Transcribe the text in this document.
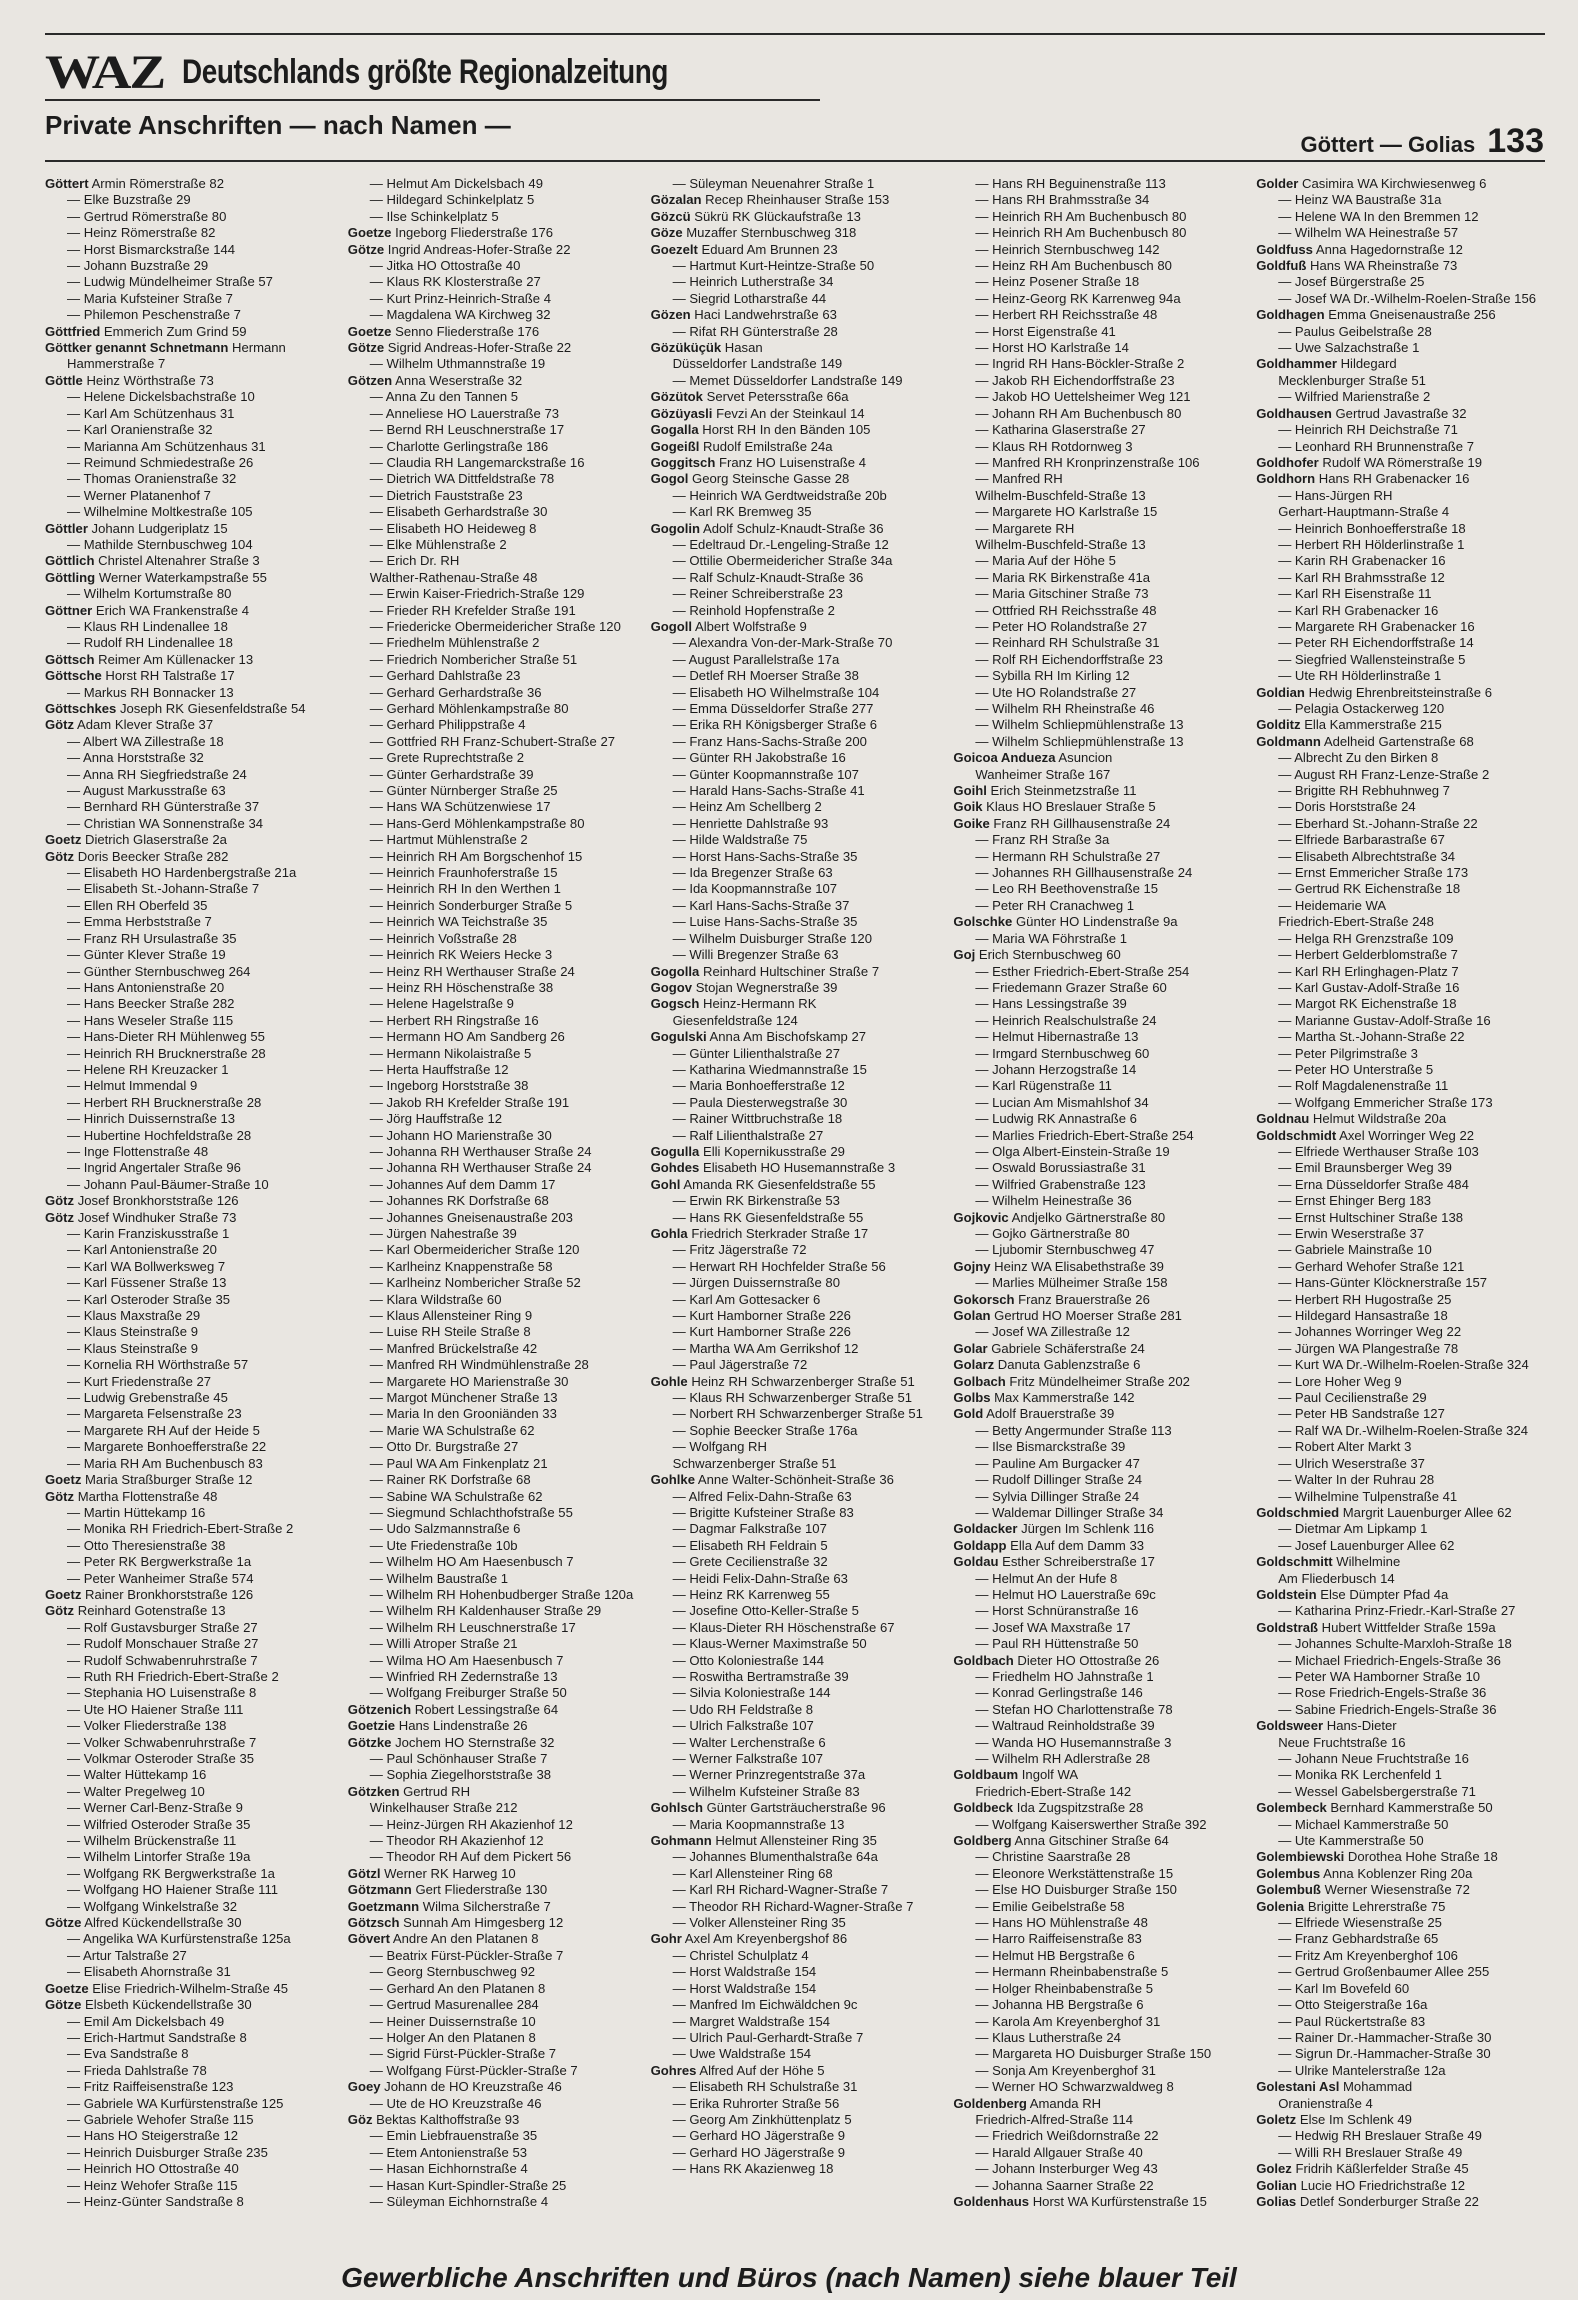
WAZ Deutschlands größte Regionalzeitung
Private Anschriften — nach Namen —
Göttert — Golias 133
Göttert Armin Römerstraße 82
— Elke Buzstraße 29
— Gertrud Römerstraße 80
— Heinz Römerstraße 82
— Horst Bismarckstraße 144
— Johann Buzstraße 29
— Ludwig Mündelheimer Straße 57
— Maria Kufsteiner Straße 7
— Philemon Peschenstraße 7
Göttfried Emmerich Zum Grind 59
Göttker genannt Schnetmann Hermann
Hammerstraße 7
Göttle Heinz Wörthstraße 73
— Helene Dickelsbachstraße 10
— Karl Am Schützenhaus 31
— Karl Oranienstraße 32
— Marianna Am Schützenhaus 31
— Reimund Schmiedestraße 26
— Thomas Oranienstraße 32
— Werner Platanenhof 7
— Wilhelmine Moltkestraße 105
Göttler Johann Ludgeriplatz 15
— Mathilde Sternbuschweg 104
Göttlich Christel Altenahrer Straße 3
Göttling Werner Waterkampstraße 55
— Wilhelm Kortumstraße 80
Göttner Erich WA Frankenstraße 4
— Klaus RH Lindenallee 18
— Rudolf RH Lindenallee 18
Göttsch Reimer Am Küllenacker 13
Göttsche Horst RH Talstraße 17
— Markus RH Bonnacker 13
Göttschkes Joseph RK Giesenfeldstraße 54
Götz Adam Klever Straße 37
— Albert WA Zillestraße 18
— Anna Horststraße 32
— Anna RH Siegfriedstraße 24
— August Markusstraße 63
— Bernhard RH Günterstraße 37
— Christian WA Sonnenstraße 34
Goetz Dietrich Glaserstraße 2a
Götz Doris Beecker Straße 282
— Elisabeth HO Hardenbergstraße 21a
— Elisabeth St.-Johann-Straße 7
— Ellen RH Oberfeld 35
— Emma Herbststraße 7
— Franz RH Ursulastraße 35
— Günter Klever Straße 19
— Günther Sternbuschweg 264
— Hans Antonienstraße 20
— Hans Beecker Straße 282
— Hans Weseler Straße 115
— Hans-Dieter RH Mühlenweg 55
— Heinrich RH Brucknerstraße 28
— Helene RH Kreuzacker 1
— Helmut Immendal 9
— Herbert RH Brucknerstraße 28
— Hinrich Duissernstraße 13
— Hubertine Hochfeldstraße 28
— Inge Flottenstraße 48
— Ingrid Angertaler Straße 96
— Johann Paul-Bäumer-Straße 10
Götz Josef Bronkhorststraße 126
Götz Josef Windhuker Straße 73
— Karin Franziskusstraße 1
— Karl Antonienstraße 20
— Karl WA Bollwerksweg 7
— Karl Füssener Straße 13
— Karl Osteroder Straße 35
— Klaus Maxstraße 29
— Klaus Steinstraße 9
— Klaus Steinstraße 9
— Kornelia RH Wörthstraße 57
— Kurt Friedenstraße 27
— Ludwig Grebenstraße 45
— Margareta Felsenstraße 23
— Margarete RH Auf der Heide 5
— Margarete Bonhoefferstraße 22
— Maria RH Am Buchenbusch 83
Goetz Maria Straßburger Straße 12
Götz Martha Flottenstraße 48
— Martin Hüttekamp 16
— Monika RH Friedrich-Ebert-Straße 2
— Otto Theresienstraße 38
— Peter RK Bergwerkstraße 1a
— Peter Wanheimer Straße 574
Goetz Rainer Bronkhorststraße 126
Götz Reinhard Gotenstraße 13
— Rolf Gustavsburger Straße 27
— Rudolf Monschauer Straße 27
— Rudolf Schwabenruhrstraße 7
— Ruth RH Friedrich-Ebert-Straße 2
— Stephania HO Luisenstraße 8
— Ute HO Haiener Straße 111
— Volker Fliederstraße 138
— Volker Schwabenruhrstraße 7
— Volkmar Osteroder Straße 35
— Walter Hüttekamp 16
— Walter Pregelweg 10
— Werner Carl-Benz-Straße 9
— Wilfried Osteroder Straße 35
— Wilhelm Brückenstraße 11
— Wilhelm Lintorfer Straße 19a
— Wolfgang RK Bergwerkstraße 1a
— Wolfgang HO Haiener Straße 111
— Wolfgang Winkelstraße 32
Götze Alfred Kückendellstraße 30
— Angelika WA Kurfürstenstraße 125a
— Artur Talstraße 27
— Elisabeth Ahornstraße 31
Goetze Elise Friedrich-Wilhelm-Straße 45
Götze Elsbeth Kückendellstraße 30
— Emil Am Dickelsbach 49
— Erich-Hartmut Sandstraße 8
— Eva Sandstraße 8
— Frieda Dahlstraße 78
— Fritz Raiffeisenstraße 123
— Gabriele WA Kurfürstenstraße 125
— Gabriele Wehofer Straße 115
— Hans HO Steigerstraße 12
— Heinrich Duisburger Straße 235
— Heinrich HO Ottostraße 40
— Heinz Wehofer Straße 115
— Heinz-Günter Sandstraße 8
— Helmut Am Dickelsbach 49
— Hildegard Schinkelplatz 5
— Ilse Schinkelplatz 5
Goetze Ingeborg Fliederstraße 176
Götze Ingrid Andreas-Hofer-Straße 22
— Jitka HO Ottostraße 40
— Klaus RK Klosterstraße 27
— Kurt Prinz-Heinrich-Straße 4
— Magdalena WA Kirchweg 32
Goetze Senno Fliederstraße 176
Götze Sigrid Andreas-Hofer-Straße 22
— Wilhelm Uthmannstraße 19
Götzen Anna Weserstraße 32
— Anna Zu den Tannen 5
— Anneliese HO Lauerstraße 73
— Bernd RH Leuschnerstraße 17
— Charlotte Gerlingstraße 186
— Claudia RH Langemarckstraße 16
— Dietrich WA Dittfeldstraße 78
— Dietrich Fauststraße 23
— Elisabeth Gerhardstraße 30
— Elisabeth HO Heideweg 8
— Elke Mühlenstraße 2
— Erich Dr. RH
Walther-Rathenau-Straße 48
— Erwin Kaiser-Friedrich-Straße 129
— Frieder RH Krefelder Straße 191
— Friedericke Obermeidericher Straße 120
— Friedhelm Mühlenstraße 2
— Friedrich Nombericher Straße 51
— Gerhard Dahlstraße 23
— Gerhard Gerhardstraße 36
— Gerhard Möhlenkampstraße 80
— Gerhard Philippstraße 4
— Gottfried RH Franz-Schubert-Straße 27
— Grete Ruprechtstraße 2
— Günter Gerhardstraße 39
— Günter Nürnberger Straße 25
— Hans WA Schützenwiese 17
— Hans-Gerd Möhlenkampstraße 80
— Hartmut Mühlenstraße 2
— Heinrich RH Am Borgschenhof 15
— Heinrich Fraunhoferstraße 15
— Heinrich RH In den Werthen 1
— Heinrich Sonderburger Straße 5
— Heinrich WA Teichstraße 35
— Heinrich Voßstraße 28
— Heinrich RK Weiers Hecke 3
— Heinz RH Werthauser Straße 24
— Heinz RH Höschenstraße 38
— Helene Hagelstraße 9
— Herbert RH Ringstraße 16
— Hermann HO Am Sandberg 26
— Hermann Nikolaistraße 5
— Herta Hauffstraße 12
— Ingeborg Horststraße 38
— Jakob RH Krefelder Straße 191
— Jörg Hauffstraße 12
— Johann HO Marienstraße 30
— Johanna RH Werthauser Straße 24
— Johanna RH Werthauser Straße 24
— Johannes Auf dem Damm 17
— Johannes RK Dorfstraße 68
— Johannes Gneisenaustraße 203
— Jürgen Nahestraße 39
— Karl Obermeidericher Straße 120
— Karlheinz Knappenstraße 58
— Karlheinz Nombericher Straße 52
— Klara Wildstraße 60
— Klaus Allensteiner Ring 9
— Luise RH Steile Straße 8
— Manfred Brückelstraße 42
— Manfred RH Windmühlenstraße 28
— Margarete HO Marienstraße 30
— Margot Münchener Straße 13
— Maria In den Grooniänden 33
— Marie WA Schulstraße 62
— Otto Dr. Burgstraße 27
— Paul WA Am Finkenplatz 21
— Rainer RK Dorfstraße 68
— Sabine WA Schulstraße 62
— Siegmund Schlachthofstraße 55
— Udo Salzmannstraße 6
— Ute Friedenstraße 10b
— Wilhelm HO Am Haesenbusch 7
— Wilhelm Baustraße 1
— Wilhelm RH Hohenbudberger Straße 120a
— Wilhelm RH Kaldenhauser Straße 29
— Wilhelm RH Leuschnerstraße 17
— Willi Atroper Straße 21
— Wilma HO Am Haesenbusch 7
— Winfried RH Zedernstraße 13
— Wolfgang Freiburger Straße 50
Götzenich Robert Lessingstraße 64
Goetzie Hans Lindenstraße 26
Götzke Jochem HO Sternstraße 32
— Paul Schönhauser Straße 7
— Sophia Ziegelhorststraße 38
Götzken Gertrud RH
Winkelhauser Straße 212
— Heinz-Jürgen RH Akazienhof 12
— Theodor RH Akazienhof 12
— Theodor RH Auf dem Pickert 56
Götzl Werner RK Harweg 10
Götzmann Gert Fliederstraße 130
Goetzmann Wilma Silcherstraße 7
Götzsch Sunnah Am Himgesberg 12
Gövert Andre An den Platanen 8
— Beatrix Fürst-Pückler-Straße 7
— Georg Sternbuschweg 92
— Gerhard An den Platanen 8
— Gertrud Masurenallee 284
— Heiner Duissernstraße 10
— Holger An den Platanen 8
— Sigrid Fürst-Pückler-Straße 7
— Wolfgang Fürst-Pückler-Straße 7
Goey Johann de HO Kreuzstraße 46
— Ute de HO Kreuzstraße 46
Göz Bektas Kalthoffstraße 93
— Emin Liebfrauenstraße 35
— Etem Antonienstraße 53
— Hasan Eichhornstraße 4
— Hasan Kurt-Spindler-Straße 25
— Süleyman Eichhornstraße 4
— Süleyman Neuenahrer Straße 1
Gözalan Recep Rheinhauser Straße 153
Gözcü Sükrü RK Glückaufstraße 13
Göze Muzaffer Sternbuschweg 318
Goezelt Eduard Am Brunnen 23
— Hartmut Kurt-Heintze-Straße 50
— Heinrich Lutherstraße 34
— Siegrid Lotharstraße 44
Gözen Haci Landwehrstraße 63
— Rifat RH Günterstraße 28
Gözüküçük Hasan
Düsseldorfer Landstraße 149
— Memet Düsseldorfer Landstraße 149
Gözütok Servet Petersstraße 66a
Gözüyasli Fevzi An der Steinkaul 14
Gogalla Horst RH In den Bänden 105
Gogeißl Rudolf Emilstraße 24a
Goggitsch Franz HO Luisenstraße 4
Gogol Georg Steinsche Gasse 28
— Heinrich WA Gerdtweidstraße 20b
— Karl RK Bremweg 35
Gogolin Adolf Schulz-Knaudt-Straße 36
— Edeltraud Dr.-Lengeling-Straße 12
— Ottilie Obermeidericher Straße 34a
— Ralf Schulz-Knaudt-Straße 36
— Reiner Schreiberstraße 23
— Reinhold Hopfenstraße 2
Gogoll Albert Wolfstraße 9
— Alexandra Von-der-Mark-Straße 70
— August Parallelstraße 17a
— Detlef RH Moerser Straße 38
— Elisabeth HO Wilhelmstraße 104
— Emma Düsseldorfer Straße 277
— Erika RH Königsberger Straße 6
— Franz Hans-Sachs-Straße 200
— Günter RH Jakobstraße 16
— Günter Koopmannstraße 107
— Harald Hans-Sachs-Straße 41
— Heinz Am Schellberg 2
— Henriette Dahlstraße 93
— Hilde Waldstraße 75
— Horst Hans-Sachs-Straße 35
— Ida Bregenzer Straße 63
— Ida Koopmannstraße 107
— Karl Hans-Sachs-Straße 37
— Luise Hans-Sachs-Straße 35
— Wilhelm Duisburger Straße 120
— Willi Bregenzer Straße 63
Gogolla Reinhard Hultschiner Straße 7
Gogov Stojan Wegnerstraße 39
Gogsch Heinz-Hermann RK
Giesenfeldstraße 124
Gogulski Anna Am Bischofskamp 27
— Günter Lilienthalstraße 27
— Katharina Wiedmannstraße 15
— Maria Bonhoefferstraße 12
— Paula Diesterwegstraße 30
— Rainer Wittbruchstraße 18
— Ralf Lilienthalstraße 27
Gogulla Elli Kopernikusstraße 29
Gohdes Elisabeth HO Husemannstraße 3
Gohl Amanda RK Giesenfeldstraße 55
— Erwin RK Birkenstraße 53
— Hans RK Giesenfeldstraße 55
Gohla Friedrich Sterkrader Straße 17
— Fritz Jägerstraße 72
— Herwart RH Hochfelder Straße 56
— Jürgen Duissernstraße 80
— Karl Am Gottesacker 6
— Kurt Hamborner Straße 226
— Kurt Hamborner Straße 226
— Martha WA Am Gerrikshof 12
— Paul Jägerstraße 72
Gohle Heinz RH Schwarzenberger Straße 51
— Klaus RH Schwarzenberger Straße 51
— Norbert RH Schwarzenberger Straße 51
— Sophie Beecker Straße 176a
— Wolfgang RH
Schwarzenberger Straße 51
Gohlke Anne Walter-Schönheit-Straße 36
— Alfred Felix-Dahn-Straße 63
— Brigitte Kufsteiner Straße 83
— Dagmar Falkstraße 107
— Elisabeth RH Feldrain 5
— Grete Cecilienstraße 32
— Heidi Felix-Dahn-Straße 63
— Heinz RK Karrenweg 55
— Josefine Otto-Keller-Straße 5
— Klaus-Dieter RH Höschenstraße 67
— Klaus-Werner Maximstraße 50
— Otto Koloniestraße 144
— Roswitha Bertramstraße 39
— Silvia Koloniestraße 144
— Udo RH Feldstraße 8
— Ulrich Falkstraße 107
— Walter Lerchenstraße 6
— Werner Falkstraße 107
— Werner Prinzregentstraße 37a
— Wilhelm Kufsteiner Straße 83
Gohlsch Günter Gartsträucherstraße 96
— Maria Koopmannstraße 13
Gohmann Helmut Allensteiner Ring 35
— Johannes Blumenthalstraße 64a
— Karl Allensteiner Ring 68
— Karl RH Richard-Wagner-Straße 7
— Theodor RH Richard-Wagner-Straße 7
— Volker Allensteiner Ring 35
Gohr Axel Am Kreyenbergshof 86
— Christel Schulplatz 4
— Horst Waldstraße 154
— Horst Waldstraße 154
— Manfred Im Eichwäldchen 9c
— Margret Waldstraße 154
— Ulrich Paul-Gerhardt-Straße 7
— Uwe Waldstraße 154
Gohres Alfred Auf der Höhe 5
— Elisabeth RH Schulstraße 31
— Erika Ruhrorter Straße 56
— Georg Am Zinkhüttenplatz 5
— Gerhard HO Jägerstraße 9
— Gerhard HO Jägerstraße 9
— Hans RK Akazienweg 18
— Hans RH Beguinenstraße 113
— Hans RH Brahmsstraße 34
— Heinrich RH Am Buchenbusch 80
— Heinrich RH Am Buchenbusch 80
— Heinrich Sternbuschweg 142
— Heinz RH Am Buchenbusch 80
— Heinz Posener Straße 18
— Heinz-Georg RK Karrenweg 94a
— Herbert RH Reichsstraße 48
— Horst Eigenstraße 41
— Horst HO Karlstraße 14
— Ingrid RH Hans-Böckler-Straße 2
— Jakob RH Eichendorffstraße 23
— Jakob HO Uettelsheimer Weg 121
— Johann RH Am Buchenbusch 80
— Katharina Glaserstraße 27
— Klaus RH Rotdornweg 3
— Manfred RH Kronprinzenstraße 106
— Manfred RH
Wilhelm-Buschfeld-Straße 13
— Margarete HO Karlstraße 15
— Margarete RH
Wilhelm-Buschfeld-Straße 13
— Maria Auf der Höhe 5
— Maria RK Birkenstraße 41a
— Maria Gitschiner Straße 73
— Ottfried RH Reichsstraße 48
— Peter HO Rolandstraße 27
— Reinhard RH Schulstraße 31
— Rolf RH Eichendorffstraße 23
— Sybilla RH Im Kirling 12
— Ute HO Rolandstraße 27
— Wilhelm RH Rheinstraße 46
— Wilhelm Schliepmühlenstraße 13
— Wilhelm Schliepmühlenstraße 13
Goicoa Andueza Asuncion
Wanheimer Straße 167
Goihl Erich Steinmetzstraße 11
Goik Klaus HO Breslauer Straße 5
Goike Franz RH Gillhausenstraße 24
— Franz RH Straße 3a
— Hermann RH Schulstraße 27
— Johannes RH Gillhausenstraße 24
— Leo RH Beethovenstraße 15
— Peter RH Cranachweg 1
Golschke Günter HO Lindenstraße 9a
— Maria WA Föhrstraße 1
Goj Erich Sternbuschweg 60
— Esther Friedrich-Ebert-Straße 254
— Friedemann Grazer Straße 60
— Hans Lessingstraße 39
— Heinrich Realschulstraße 24
— Helmut Hibernastraße 13
— Irmgard Sternbuschweg 60
— Johann Herzogstraße 14
— Karl Rügenstraße 11
— Lucian Am Mismahlshof 34
— Ludwig RK Annastraße 6
— Marlies Friedrich-Ebert-Straße 254
— Olga Albert-Einstein-Straße 19
— Oswald Borussiastraße 31
— Wilfried Grabenstraße 123
— Wilhelm Heinestraße 36
Gojkovic Andjelko Gärtnerstraße 80
— Gojko Gärtnerstraße 80
— Ljubomir Sternbuschweg 47
Gojny Heinz WA Elisabethstraße 39
— Marlies Mülheimer Straße 158
Gokorsch Franz Brauerstraße 26
Golan Gertrud HO Moerser Straße 281
— Josef WA Zillestraße 12
Golar Gabriele Schäferstraße 24
Golarz Danuta Gablenzstraße 6
Golbach Fritz Mündelheimer Straße 202
Golbs Max Kammerstraße 142
Gold Adolf Brauerstraße 39
— Betty Angermunder Straße 113
— Ilse Bismarckstraße 39
— Pauline Am Burgacker 47
— Rudolf Dillinger Straße 24
— Sylvia Dillinger Straße 24
— Waldemar Dillinger Straße 34
Goldacker Jürgen Im Schlenk 116
Goldapp Ella Auf dem Damm 33
Goldau Esther Schreiberstraße 17
— Helmut An der Hufe 8
— Helmut HO Lauerstraße 69c
— Horst Schnüranstraße 16
— Josef WA Maxstraße 17
— Paul RH Hüttenstraße 50
Goldbach Dieter HO Ottostraße 26
— Friedhelm HO Jahnstraße 1
— Konrad Gerlingstraße 146
— Stefan HO Charlottenstraße 78
— Waltraud Reinholdstraße 39
— Wanda HO Husemannstraße 3
— Wilhelm RH Adlerstraße 28
Goldbaum Ingolf WA
Friedrich-Ebert-Straße 142
Goldbeck Ida Zugspitzstraße 28
— Wolfgang Kaiserswerther Straße 392
Goldberg Anna Gitschiner Straße 64
— Christine Saarstraße 28
— Eleonore Werkstättenstraße 15
— Else HO Duisburger Straße 150
— Emilie Geibelstraße 58
— Hans HO Mühlenstraße 48
— Harro Raiffeisenstraße 83
— Helmut HB Bergstraße 6
— Hermann Rheinbabenstraße 5
— Holger Rheinbabenstraße 5
— Johanna HB Bergstraße 6
— Karola Am Kreyenberghof 31
— Klaus Lutherstraße 24
— Margareta HO Duisburger Straße 150
— Sonja Am Kreyenberghof 31
— Werner HO Schwarzwaldweg 8
Goldenberg Amanda RH
Friedrich-Alfred-Straße 114
— Friedrich Weißdornstraße 22
— Harald Allgauer Straße 40
— Johann Insterburger Weg 43
— Johanna Saarner Straße 22
Goldenhaus Horst WA Kurfürstenstraße 15
Golder Casimira WA Kirchwiesenweg 6
— Heinz WA Baustraße 31a
— Helene WA In den Bremmen 12
— Wilhelm WA Heinestraße 57
Goldfuss Anna Hagedornstraße 12
Goldfuß Hans WA Rheinstraße 73
— Josef Bürgerstraße 25
— Josef WA Dr.-Wilhelm-Roelen-Straße 156
Goldhagen Emma Gneisenaustraße 256
— Paulus Geibelstraße 28
— Uwe Salzachstraße 1
Goldhammer Hildegard
Mecklenburger Straße 51
— Wilfried Marienstraße 2
Goldhausen Gertrud Javastraße 32
— Heinrich RH Deichstraße 71
— Leonhard RH Brunnenstraße 7
Goldhofer Rudolf WA Römerstraße 19
Goldhorn Hans RH Grabenacker 16
— Hans-Jürgen RH
Gerhart-Hauptmann-Straße 4
— Heinrich Bonhoefferstraße 18
— Herbert RH Hölderlinstraße 1
— Karin RH Grabenacker 16
— Karl RH Brahmsstraße 12
— Karl RH Eisenstraße 11
— Karl RH Grabenacker 16
— Margarete RH Grabenacker 16
— Peter RH Eichendorffstraße 14
— Siegfried Wallensteinstraße 5
— Ute RH Hölderlinstraße 1
Goldian Hedwig Ehrenbreitsteinstraße 6
— Pelagia Ostackerweg 120
Golditz Ella Kammerstraße 215
Goldmann Adelheid Gartenstraße 68
— Albrecht Zu den Birken 8
— August RH Franz-Lenze-Straße 2
— Brigitte RH Rebhuhnweg 7
— Doris Horststraße 24
— Eberhard St.-Johann-Straße 22
— Elfriede Barbarastraße 67
— Elisabeth Albrechtstraße 34
— Ernst Emmericher Straße 173
— Gertrud RK Eichenstraße 18
— Heidemarie WA
Friedrich-Ebert-Straße 248
— Helga RH Grenzstraße 109
— Herbert Gelderblomstraße 7
— Karl RH Erlinghagen-Platz 7
— Karl Gustav-Adolf-Straße 16
— Margot RK Eichenstraße 18
— Marianne Gustav-Adolf-Straße 16
— Martha St.-Johann-Straße 22
— Peter Pilgrimstraße 3
— Peter HO Unterstraße 5
— Rolf Magdalenenstraße 11
— Wolfgang Emmericher Straße 173
Goldnau Helmut Wildstraße 20a
Goldschmidt Axel Worringer Weg 22
— Elfriede Werthauser Straße 103
— Emil Braunsberger Weg 39
— Erna Düsseldorfer Straße 484
— Ernst Ehinger Berg 183
— Ernst Hultschiner Straße 138
— Erwin Weserstraße 37
— Gabriele Mainstraße 10
— Gerhard Wehofer Straße 121
— Hans-Günter Klöcknerstraße 157
— Herbert RH Hugostraße 25
— Hildegard Hansastraße 18
— Johannes Worringer Weg 22
— Jürgen WA Plangestraße 78
— Kurt WA Dr.-Wilhelm-Roelen-Straße 324
— Lore Hoher Weg 9
— Paul Cecilienstraße 29
— Peter HB Sandstraße 127
— Ralf WA Dr.-Wilhelm-Roelen-Straße 324
— Robert Alter Markt 3
— Ulrich Weserstraße 37
— Walter In der Ruhrau 28
— Wilhelmine Tulpenstraße 41
Goldschmied Margrit Lauenburger Allee 62
— Dietmar Am Lipkamp 1
— Josef Lauenburger Allee 62
Goldschmitt Wilhelmine
Am Fliederbusch 14
Goldstein Else Dümpter Pfad 4a
— Katharina Prinz-Friedr.-Karl-Straße 27
Goldstraß Hubert Wittfelder Straße 159a
— Johannes Schulte-Marxloh-Straße 18
— Michael Friedrich-Engels-Straße 36
— Peter WA Hamborner Straße 10
— Rose Friedrich-Engels-Straße 36
— Sabine Friedrich-Engels-Straße 36
Goldsweer Hans-Dieter
Neue Fruchtstraße 16
— Johann Neue Fruchtstraße 16
— Monika RK Lerchenfeld 1
— Wessel Gabelsbergerstraße 71
Golembeck Bernhard Kammerstraße 50
— Michael Kammerstraße 50
— Ute Kammerstraße 50
Golembiewski Dorothea Hohe Straße 18
Golembus Anna Koblenzer Ring 20a
Golembuß Werner Wiesenstraße 72
Golenia Brigitte Lehrerstraße 75
— Elfriede Wiesenstraße 25
— Franz Gebhardstraße 65
— Fritz Am Kreyenberghof 106
— Gertrud Großenbaumer Allee 255
— Karl Im Bovefeld 60
— Otto Steigerstraße 16a
— Paul Rückertstraße 83
— Rainer Dr.-Hammacher-Straße 30
— Sigrun Dr.-Hammacher-Straße 30
— Ulrike Mantelerstraße 12a
Golestani Asl Mohammad
Oranienstraße 4
Goletz Else Im Schlenk 49
— Hedwig RH Breslauer Straße 49
— Willi RH Breslauer Straße 49
Golez Fridrih Käßlerfelder Straße 45
Golian Lucie HO Friedrichstraße 12
Golias Detlef Sonderburger Straße 22
Gewerbliche Anschriften und Büros (nach Namen) siehe blauer Teil
